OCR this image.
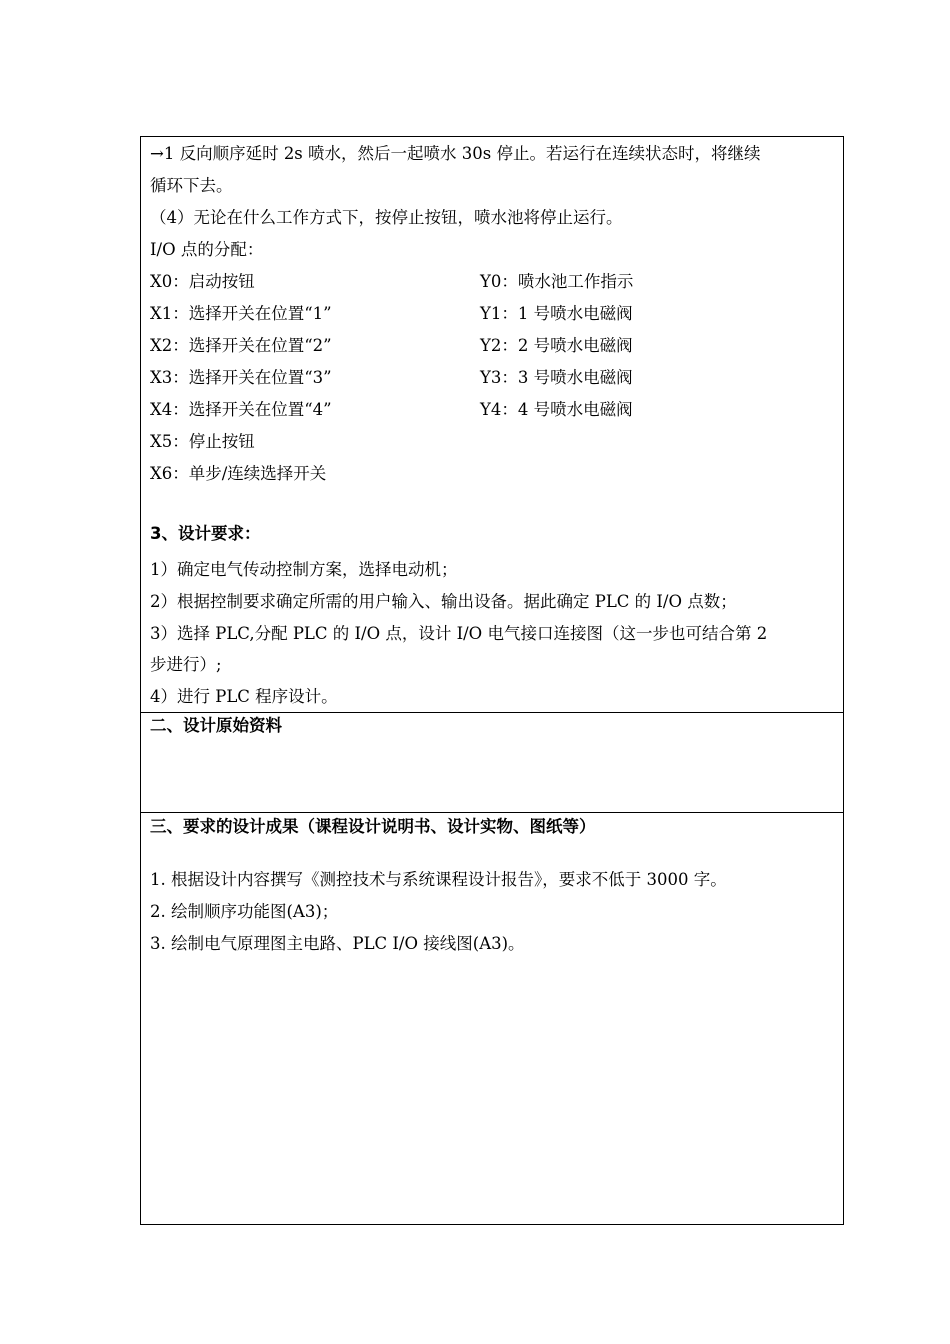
→1 反向顺序延时 2s 喷水，然后一起喷水 30s 停止。若运行在连续状态时，将继续
循环下去。
（4）无论在什么工作方式下，按停止按钮，喷水池将停止运行。
I/O 点的分配：
X0：启动按钮	Y0：喷水池工作指示
X1：选择开关在位置“1”	Y1：1 号喷水电磁阀
X2：选择开关在位置“2”	Y2：2 号喷水电磁阀
X3：选择开关在位置“3”	Y3：3 号喷水电磁阀
X4：选择开关在位置“4”	Y4：4 号喷水电磁阀
X5：停止按钮
X6：单步/连续选择开关
3、设计要求：
1）确定电气传动控制方案，选择电动机；
2）根据控制要求确定所需的用户输入、输出设备。据此确定 PLC 的 I/O 点数；
3）选择 PLC,分配 PLC 的 I/O 点，设计 I/O 电气接口连接图（这一步也可结合第 2
步进行）;
4）进行 PLC 程序设计。
二、设计原始资料
三、要求的设计成果（课程设计说明书、设计实物、图纸等）
1. 根据设计内容撰写《测控技术与系统课程设计报告》，要求不低于 3000 字。
2. 绘制顺序功能图(A3)；
3. 绘制电气原理图主电路、PLC I/O 接线图(A3)。
